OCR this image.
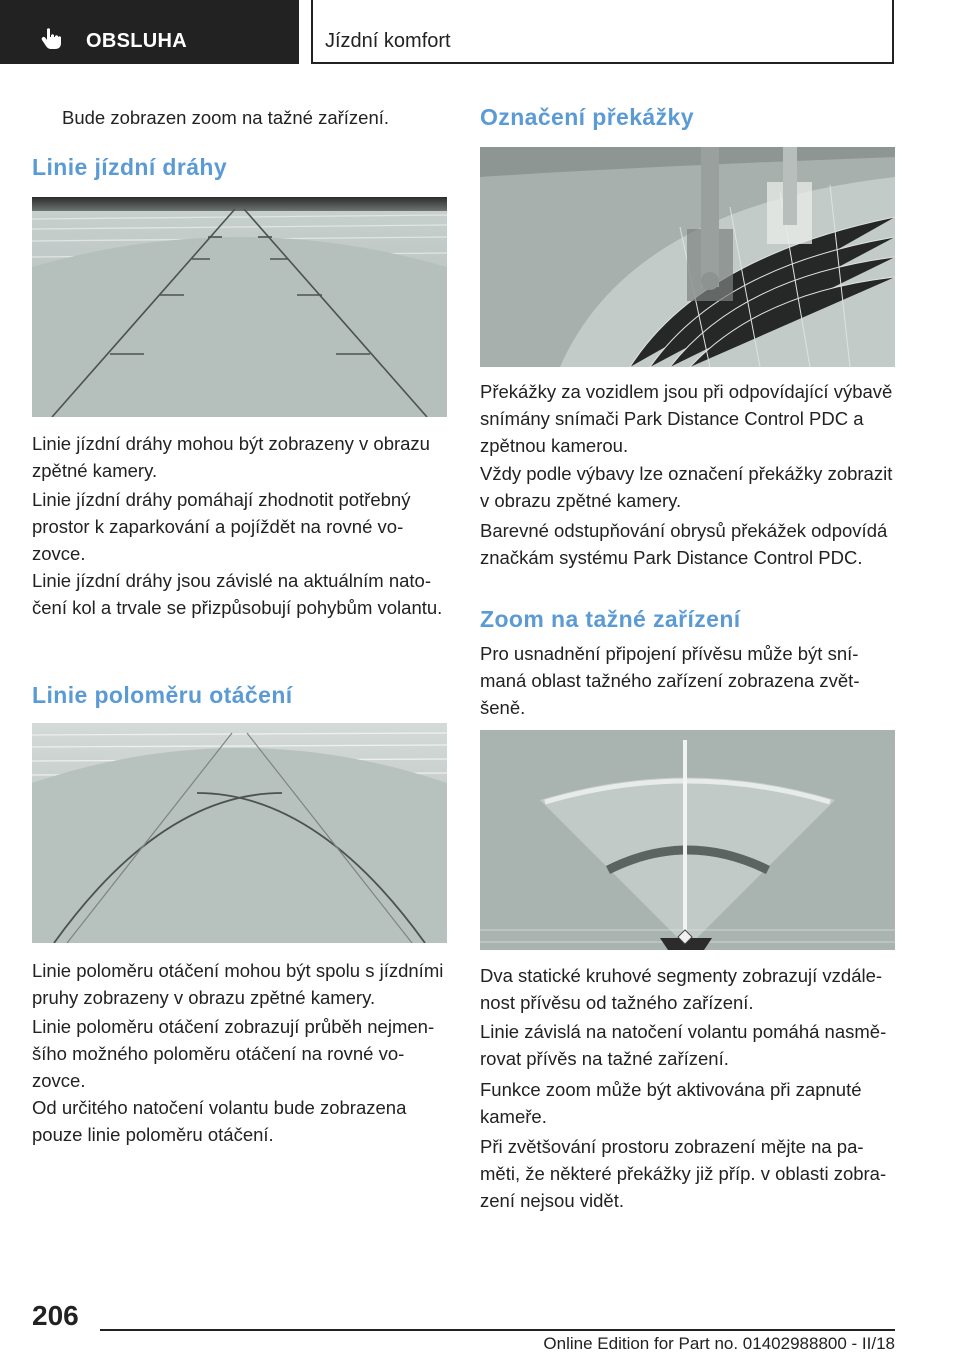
OBSLUHA	Jízdní komfort

Bude zobrazen zoom na tažné zařízení.

Linie jízdní dráhy

Linie jízdní dráhy mohou být zobrazeny v obrazu zpětné kamery.

Linie jízdní dráhy pomáhají zhodnotit potřebný prostor k zaparkování a pojíždět na rovné vozovce.

Linie jízdní dráhy jsou závislé na aktuálním natočení kol a trvale se přizpůsobují pohybům volantu.

Linie poloměru otáčení

Linie poloměru otáčení mohou být spolu s jízdními pruhy zobrazeny v obrazu zpětné kamery.

Linie poloměru otáčení zobrazují průběh nejmenšího možného poloměru otáčení na rovné vozovce.

Od určitého natočení volantu bude zobrazena pouze linie poloměru otáčení.

Označení překážky

Překážky za vozidlem jsou při odpovídající výbavě snímány snímači Park Distance Control PDC a zpětnou kamerou.

Vždy podle výbavy lze označení překážky zobrazit v obrazu zpětné kamery.

Barevné odstupňování obrysů překážek odpovídá značkám systému Park Distance Control PDC.

Zoom na tažné zařízení

Pro usnadnění připojení přívěsu může být snímaná oblast tažného zařízení zobrazena zvětšeně.

Dva statické kruhové segmenty zobrazují vzdálenost přívěsu od tažného zařízení.

Linie závislá na natočení volantu pomáhá nasměrovat přívěs na tažné zařízení.

Funkce zoom může být aktivována při zapnuté kameře.

Při zvětšování prostoru zobrazení mějte na paměti, že některé překážky již příp. v oblasti zobrazení nejsou vidět.

206
Online Edition for Part no. 01402988800 - II/18
